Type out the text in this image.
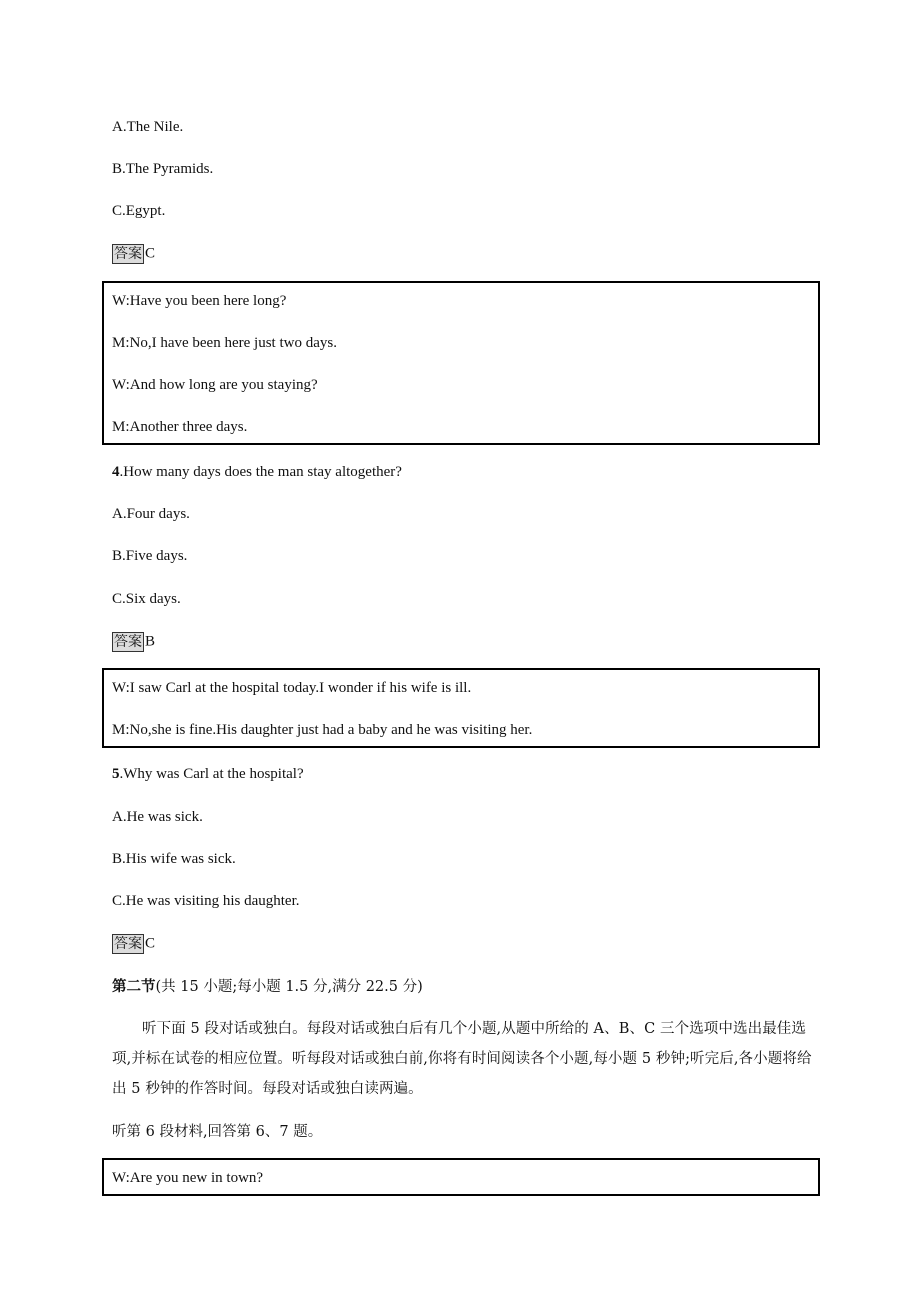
A.The Nile.
B.The Pyramids.
C.Egypt.
答案 C
W:Have you been here long?
M:No,I have been here just two days.
W:And how long are you staying?
M:Another three days.
4.How many days does the man stay altogether?
A.Four days.
B.Five days.
C.Six days.
答案 B
W:I saw Carl at the hospital today.I wonder if his wife is ill.
M:No,she is fine.His daughter just had a baby and he was visiting her.
5.Why was Carl at the hospital?
A.He was sick.
B.His wife was sick.
C.He was visiting his daughter.
答案 C
第二节(共 15 小题;每小题 1.5 分,满分 22.5 分)
听下面 5 段对话或独白。每段对话或独白后有几个小题,从题中所给的 A、B、C 三个选项中选出最佳选项,并标在试卷的相应位置。听每段对话或独白前,你将有时间阅读各个小题,每小题 5 秒钟;听完后,各小题将给出 5 秒钟的作答时间。每段对话或独白读两遍。
听第 6 段材料,回答第 6、7 题。
W:Are you new in town?
